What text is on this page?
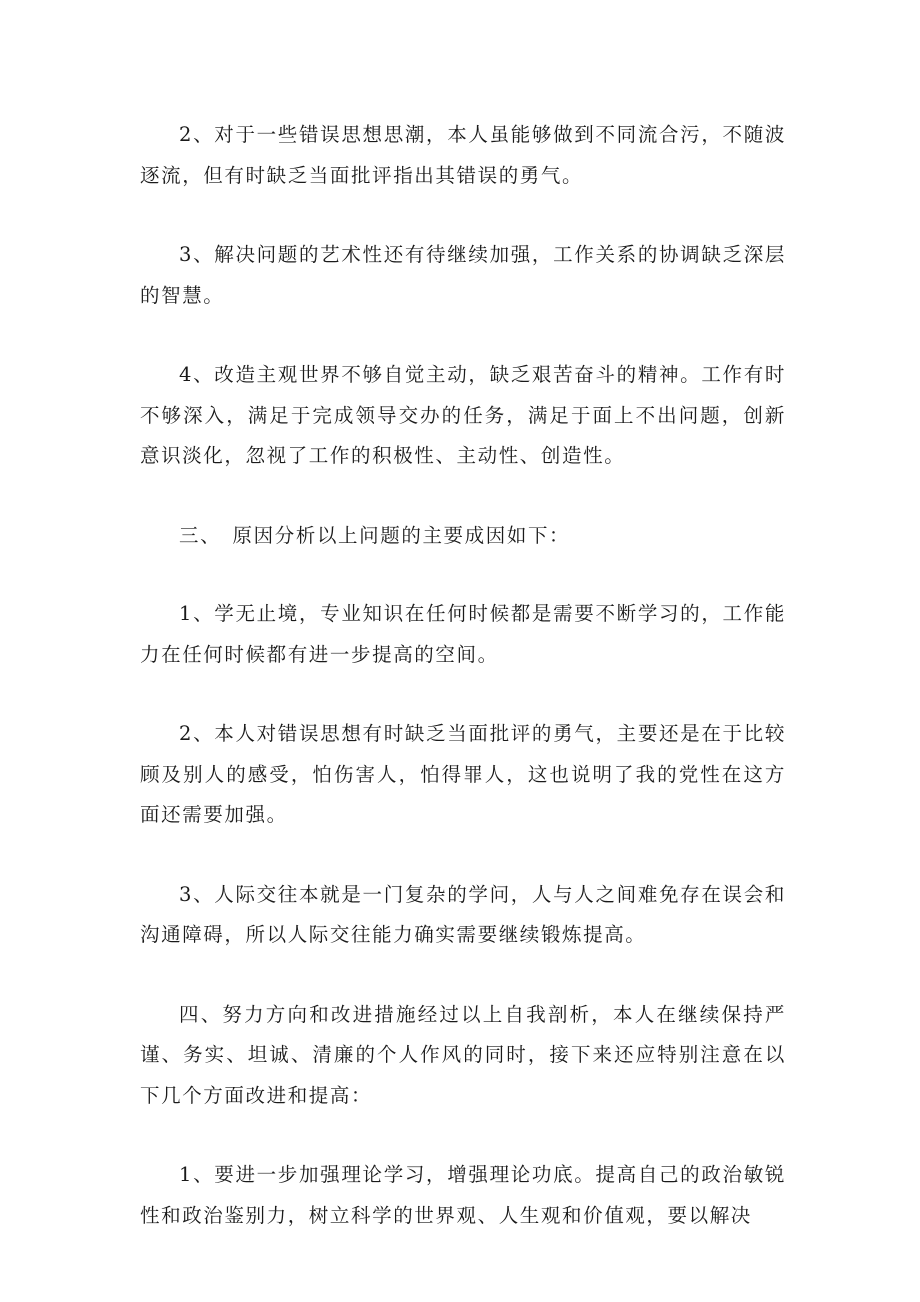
2、对于一些错误思想思潮，本人虽能够做到不同流合污，不随波逐流，但有时缺乏当面批评指出其错误的勇气。

3、解决问题的艺术性还有待继续加强，工作关系的协调缺乏深层的智慧。

4、改造主观世界不够自觉主动，缺乏艰苦奋斗的精神。工作有时不够深入，满足于完成领导交办的任务，满足于面上不出问题，创新意识淡化，忽视了工作的积极性、主动性、创造性。

三、　原因分析以上问题的主要成因如下：

1、学无止境，专业知识在任何时候都是需要不断学习的，工作能力在任何时候都有进一步提高的空间。

2、本人对错误思想有时缺乏当面批评的勇气，主要还是在于比较顾及别人的感受，怕伤害人，怕得罪人，这也说明了我的党性在这方面还需要加强。

3、人际交往本就是一门复杂的学问，人与人之间难免存在误会和沟通障碍，所以人际交往能力确实需要继续锻炼提高。

四、努力方向和改进措施经过以上自我剖析，本人在继续保持严谨、务实、坦诚、清廉的个人作风的同时，接下来还应特别注意在以下几个方面改进和提高：

1、要进一步加强理论学习，增强理论功底。提高自己的政治敏锐性和政治鉴别力，树立科学的世界观、人生观和价值观，要以解决
